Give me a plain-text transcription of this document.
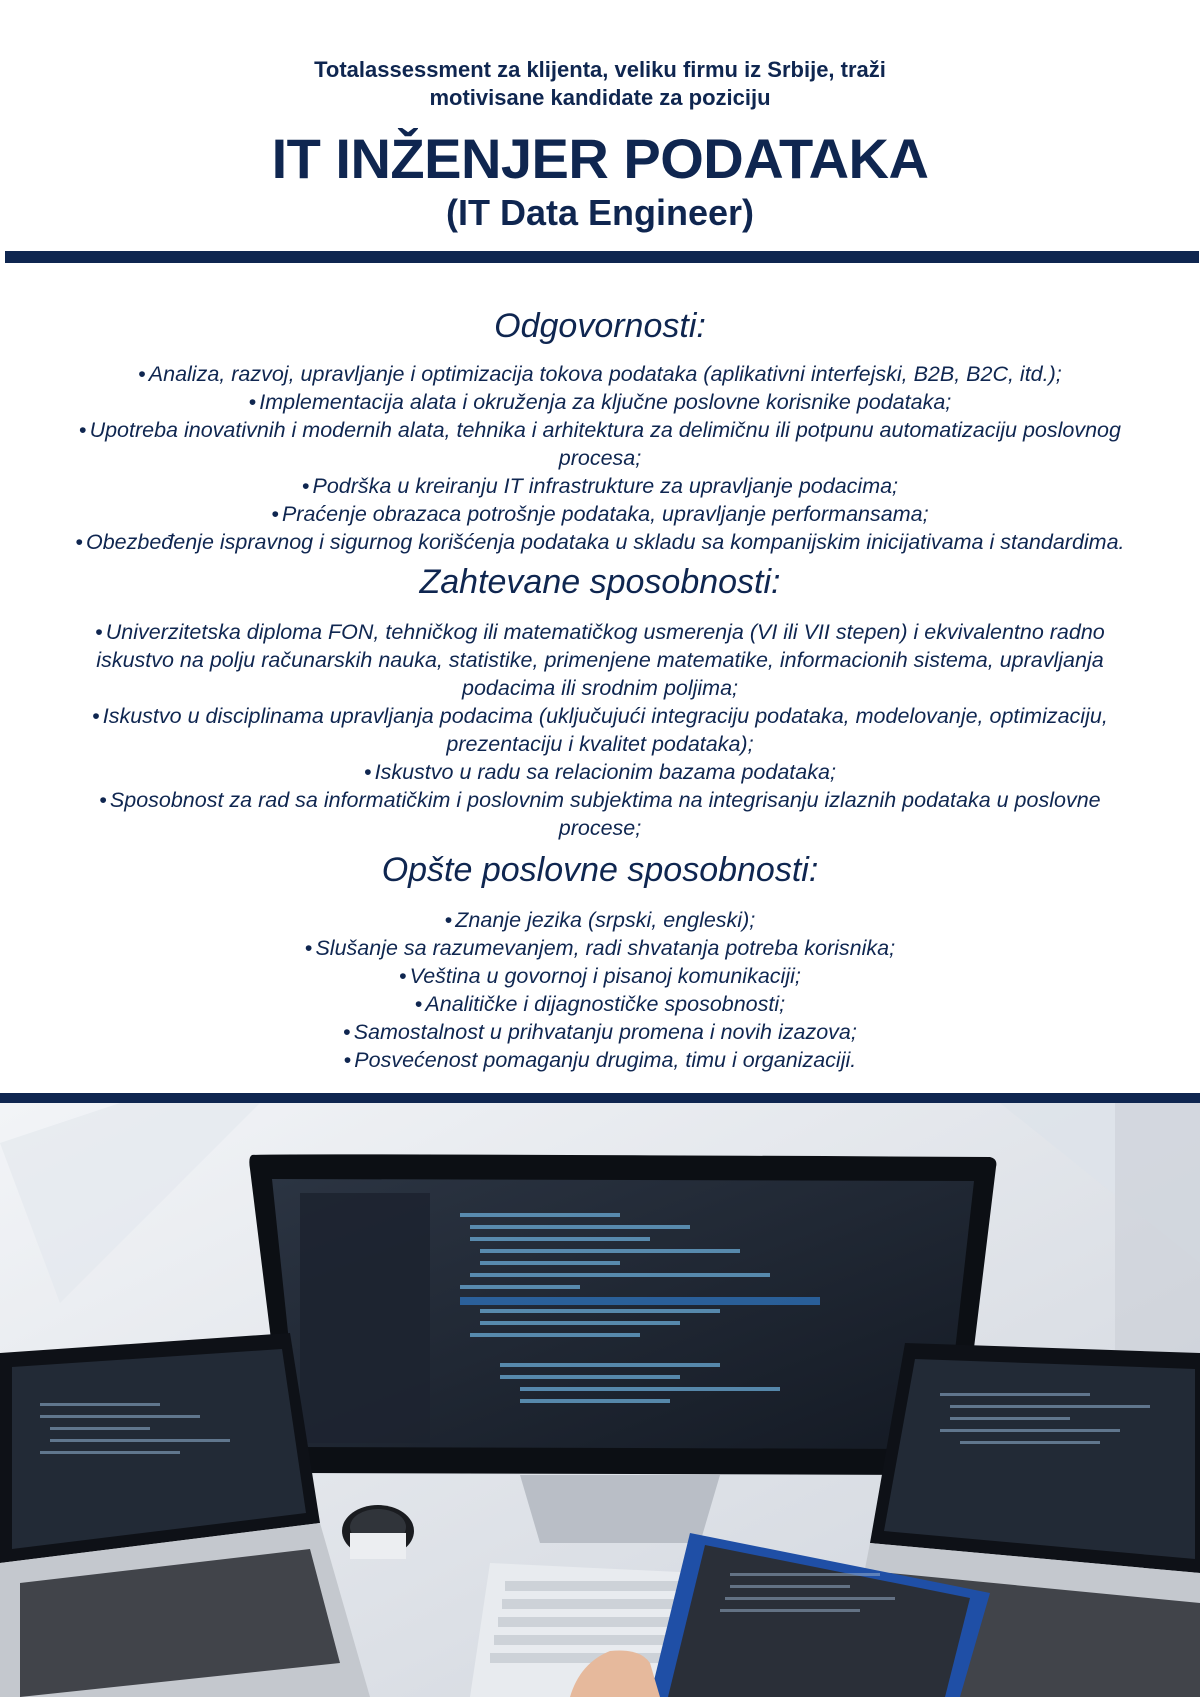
Totalassessment za klijenta, veliku firmu iz Srbije, traži
motivisane kandidate za poziciju
IT INŽENJER PODATAKA
(IT Data Engineer)
Odgovornosti:
• Analiza, razvoj, upravljanje i optimizacija tokova podataka (aplikativni interfejski, B2B, B2C, itd.);
• Implementacija alata i okruženja za ključne poslovne korisnike podataka;
• Upotreba inovativnih i modernih alata, tehnika i arhitektura za delimičnu ili potpunu automatizaciju poslovnog procesa;
• Podrška u kreiranju IT infrastrukture za upravljanje podacima;
• Praćenje obrazaca potrošnje podataka, upravljanje performansama;
• Obezbeđenje ispravnog i sigurnog korišćenja podataka u skladu sa kompanijskim inicijativama i standardima.
Zahtevane sposobnosti:
• Univerzitetska diploma FON, tehničkog ili matematičkog usmerenja (VI ili VII stepen) i ekvivalentno radno iskustvo na polju računarskih nauka, statistike, primenjene matematike, informacionih sistema, upravljanja podacima ili srodnim poljima;
• Iskustvo u disciplinama upravljanja podacima (uključujući integraciju podataka, modelovanje, optimizaciju, prezentaciju i kvalitet podataka);
• Iskustvo u radu sa relacionim bazama podataka;
• Sposobnost za rad sa informatičkim i poslovnim subjektima na integrisanju izlaznih podataka u poslovne procese;
Opšte poslovne sposobnosti:
• Znanje jezika (srpski, engleski);
• Slušanje sa razumevanjem, radi shvatanja potreba korisnika;
• Veština u govornoj i pisanoj komunikaciji;
• Analitičke i dijagnostičke sposobnosti;
• Samostalnost u prihvatanju promena i novih izazova;
• Posvećenost pomaganju drugima, timu i organizaciji.
